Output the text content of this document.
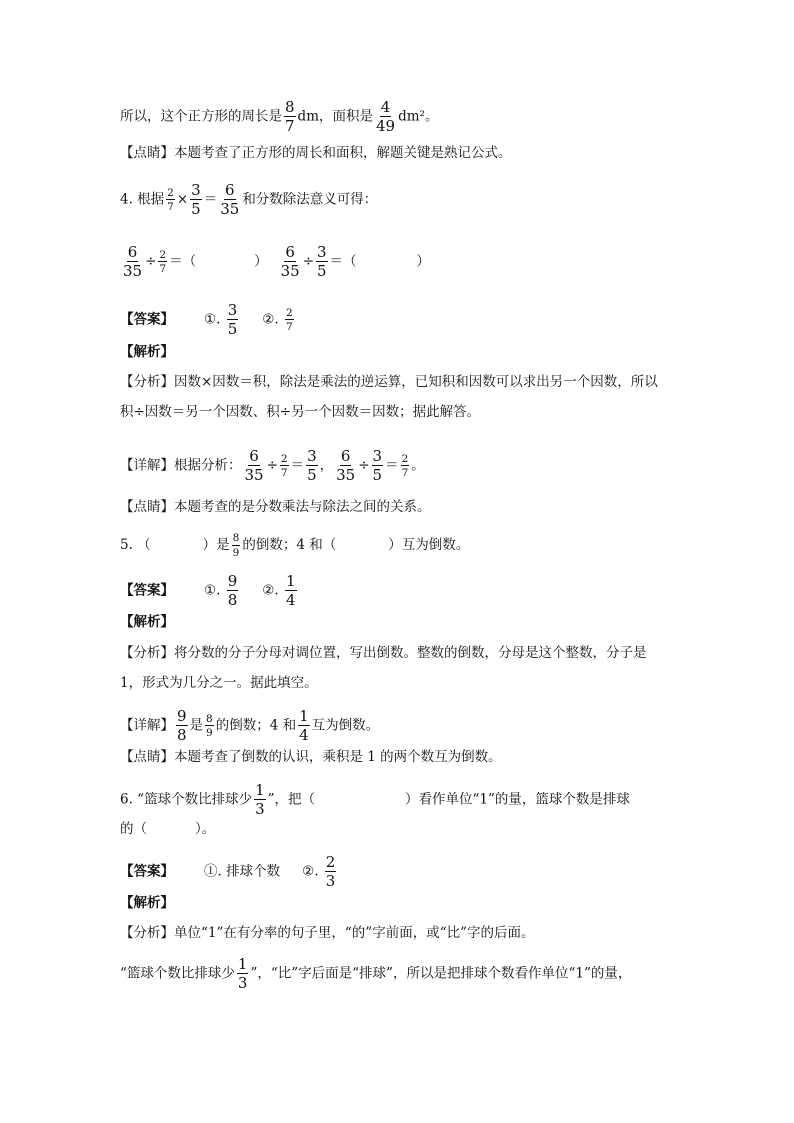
所以，这个正方形的周长是 $\frac{8}{7}$ dm，面积是 $\frac{4}{49} dm^2$。
【点睛】本题考查了正方形的周长和面积，解题关键是熟记公式。
4. 根据 $\frac{2}{7} \times \frac{3}{5} = \frac{6}{35}$ 和分数除法意义可得：
$\frac{6}{35} \div \frac{2}{7}$ ＝（	） $\frac{6}{35} \div \frac{3}{5}$ ＝（	）
【答案】 ①. $\frac{3}{5}$ ②. $\frac{2}{7}$
【解析】
【分析】因数×因数＝积，除法是乘法的逆运算，已知积和因数可以求出另一个因数，所以
积÷因数＝另一个因数、积÷另一个因数＝因数；据此解答。
【详解】根据分析： $\frac{6}{35} \div \frac{2}{7} = \frac{3}{5}$ ， $\frac{6}{35} \div \frac{3}{5} = \frac{2}{7}$ 。
【点睛】本题考查的是分数乘法与除法之间的关系。
5. （	）是 $\frac{8}{9}$ 的倒数；4 和（	）互为倒数。
【答案】 ①. $\frac{9}{8}$ ②. $\frac{1}{4}$
【解析】
【分析】将分数的分子分母对调位置，写出倒数。整数的倒数，分母是这个整数，分子是
1，形式为几分之一。据此填空。
【详解】 $\frac{9}{8}$ 是 $\frac{8}{9}$ 的倒数；4 和 $\frac{1}{4}$ 互为倒数。
【点睛】本题考查了倒数的认识，乘积是 1 的两个数互为倒数。
6. “篮球个数比排球少 $\frac{1}{3}$ ”，把（	）看作单位“1”的量，篮球个数是排球
的（	）。
【答案】 ①. 排球个数 ②. $\frac{2}{3}$
【解析】
【分析】单位“1”在有分率的句子里，“的”字前面，或“比”字的后面。
“篮球个数比排球少 $\frac{1}{3}$ ”，“比”字后面是“排球”，所以是把排球个数看作单位“1”的量，
